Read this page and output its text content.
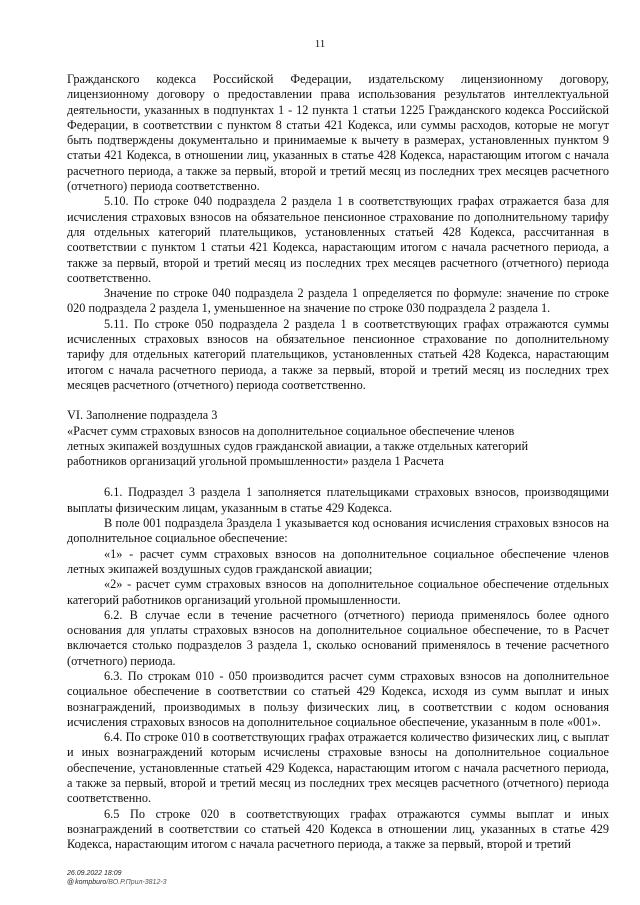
11

Гражданского кодекса Российской Федерации, издательскому лицензионному договору, лицензионному договору о предоставлении права использования результатов интеллектуальной деятельности, указанных в подпунктах 1 - 12 пункта 1 статьи 1225 Гражданского кодекса Российской Федерации, в соответствии с пунктом 8 статьи 421 Кодекса, или суммы расходов, которые не могут быть подтверждены документально и принимаемые к вычету в размерах, установленных пунктом 9 статьи 421 Кодекса, в отношении лиц, указанных в статье 428 Кодекса, нарастающим итогом с начала расчетного периода, а также за первый, второй и третий месяц из последних трех месяцев расчетного (отчетного) периода соответственно.

5.10. По строке 040 подраздела 2 раздела 1 в соответствующих графах отражается база для исчисления страховых взносов на обязательное пенсионное страхование по дополнительному тарифу для отдельных категорий плательщиков, установленных статьей 428 Кодекса, рассчитанная в соответствии с пунктом 1 статьи 421 Кодекса, нарастающим итогом с начала расчетного периода, а также за первый, второй и третий месяц из последних трех месяцев расчетного (отчетного) периода соответственно.

Значение по строке 040 подраздела 2 раздела 1 определяется по формуле: значение по строке 020 подраздела 2 раздела 1, уменьшенное на значение по строке 030 подраздела 2 раздела 1.

5.11. По строке 050 подраздела 2 раздела 1 в соответствующих графах отражаются суммы исчисленных страховых взносов на обязательное пенсионное страхование по дополнительному тарифу для отдельных категорий плательщиков, установленных статьей 428 Кодекса, нарастающим итогом с начала расчетного периода, а также за первый, второй и третий месяц из последних трех месяцев расчетного (отчетного) периода соответственно.

VI. Заполнение подраздела 3

«Расчет сумм страховых взносов на дополнительное социальное обеспечение членов

летных экипажей воздушных судов гражданской авиации, а также отдельных категорий

работников организаций угольной промышленности» раздела 1 Расчета

6.1. Подраздел 3 раздела 1 заполняется плательщиками страховых взносов, производящими выплаты физическим лицам, указанным в статье 429 Кодекса.

В поле 001 подраздела 3раздела 1 указывается код основания исчисления страховых взносов на дополнительное социальное обеспечение:

«1» - расчет сумм страховых взносов на дополнительное социальное обеспечение членов летных экипажей воздушных судов гражданской авиации;

«2» - расчет сумм страховых взносов на дополнительное социальное обеспечение отдельных категорий работников организаций угольной промышленности.

6.2. В случае если в течение расчетного (отчетного) периода применялось более одного основания для уплаты страховых взносов на дополнительное социальное обеспечение, то в Расчет включается столько подразделов 3 раздела 1, сколько оснований применялось в течение расчетного (отчетного) периода.

6.3. По строкам 010 - 050 производится расчет сумм страховых взносов на дополнительное социальное обеспечение в соответствии со статьей 429 Кодекса, исходя из сумм выплат и иных вознаграждений, производимых в пользу физических лиц, в соответствии с кодом основания исчисления страховых взносов на дополнительное социальное обеспечение, указанным в поле «001».

6.4. По строке 010 в соответствующих графах отражается количество физических лиц, с выплат и иных вознаграждений которым исчислены страховые взносы на дополнительное социальное обеспечение, установленные статьей 429 Кодекса, нарастающим итогом с начала расчетного периода, а также за первый, второй и третий месяц из последних трех месяцев расчетного (отчетного) периода соответственно.

6.5 По строке 020 в соответствующих графах отражаются суммы выплат и иных вознаграждений в соответствии со статьей 420 Кодекса в отношении лиц, указанных в статье 429 Кодекса, нарастающим итогом с начала расчетного периода, а также за первый, второй и третий

26.09.2022 18:09
@kompburo/ВО.Р.Прил-3812-3
